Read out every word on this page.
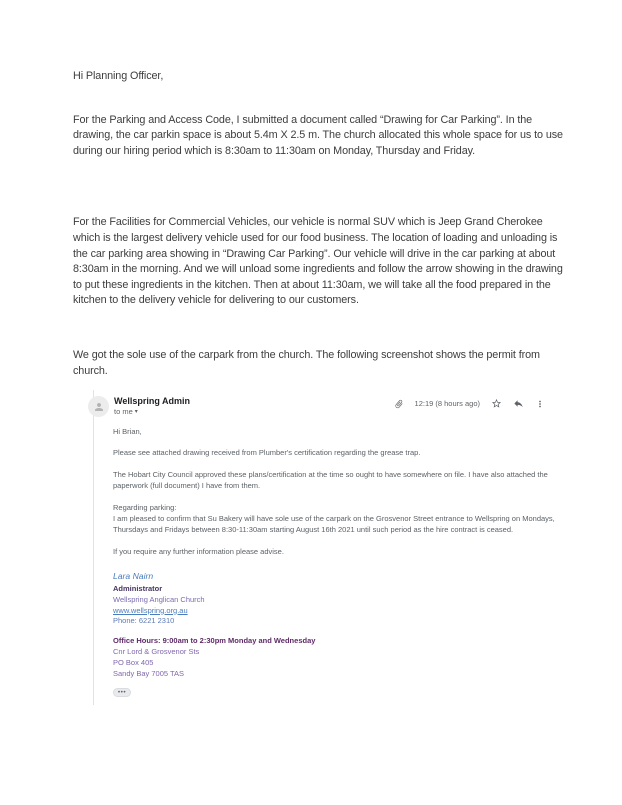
Hi Planning Officer,

For the Parking and Access Code, I submitted a document called “Drawing for Car Parking”. In the drawing, the car parkin space is about 5.4m X 2.5 m. The church allocated this whole space for us to use during our hiring period which is 8:30am to 11:30am on Monday, Thursday and Friday.

For the Facilities for Commercial Vehicles, our vehicle is normal SUV which is Jeep Grand Cherokee which is the largest delivery vehicle used for our food business. The location of loading and unloading is the car parking area showing in “Drawing Car Parking”. Our vehicle will drive in the car parking at about 8:30am in the morning. And we will unload some ingredients and follow the arrow showing in the drawing to put these ingredients in the kitchen. Then at about 11:30am, we will take all the food prepared in the kitchen to the delivery vehicle for delivering to our customers.

We got the sole use of the carpark from the church. The following screenshot shows the permit from church.

Wellspring Admin
to me ▾
12:19 (8 hours ago)

Hi Brian,

Please see attached drawing received from Plumber's certification regarding the grease trap.

The Hobart City Council approved these plans/certification at the time so ought to have somewhere on file. I have also attached the paperwork (full document) I have from them.

Regarding parking:

I am pleased to confirm that Su Bakery will have sole use of the carpark on the Grosvenor Street entrance to Wellspring on Mondays, Thursdays and Fridays between 8:30-11:30am starting August 16th 2021 until such period as the hire contract is ceased.

If you require any further information please advise.

Lara Nairn
Administrator
Wellspring Anglican Church
www.wellspring.org.au
Phone: 6221 2310
Office Hours: 9:00am to 2:30pm Monday and Wednesday
Cnr Lord & Grosvenor Sts
PO Box 405
Sandy Bay 7005 TAS
•••
